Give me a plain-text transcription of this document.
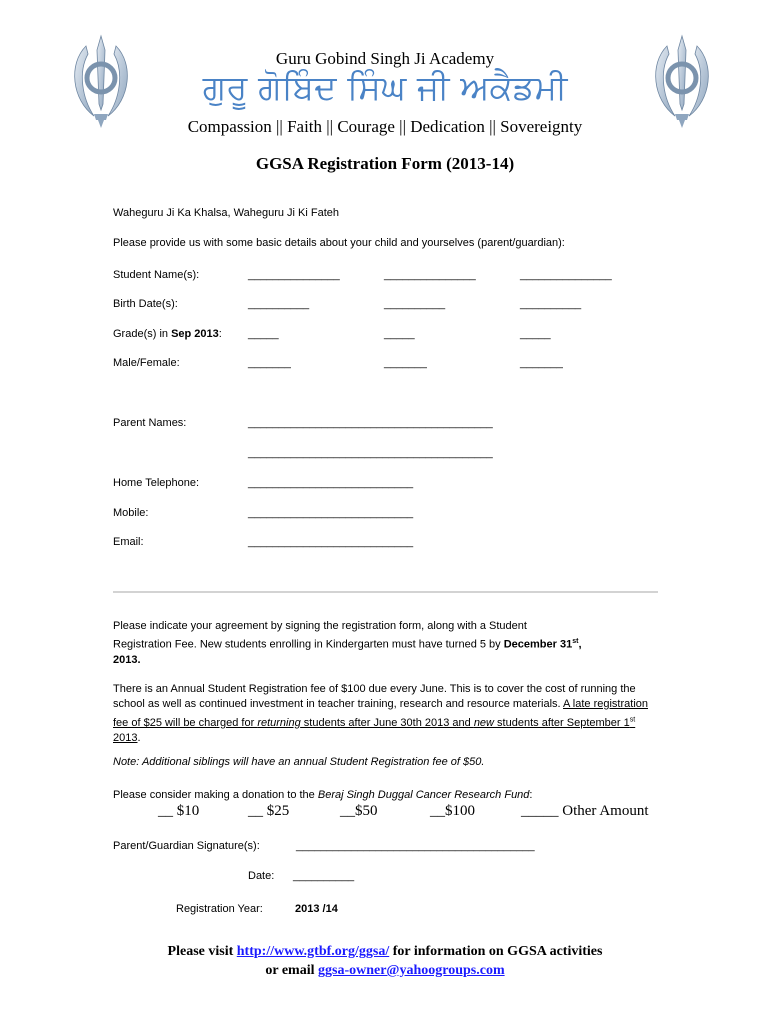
Guru Gobind Singh Ji Academy
ਗੁਰੂ ਗੋਬਿੰਦ ਸਿੰਘ ਜੀ ਅਕੈਡਮੀ
Compassion || Faith || Courage || Dedication || Sovereignty
GGSA Registration Form (2013-14)
Waheguru Ji Ka Khalsa, Waheguru Ji Ki Fateh
Please provide us with some basic details about your child and yourselves (parent/guardian):
Student Name(s):	_______________	_______________	_______________
Birth Date(s):	__________	__________	__________
Grade(s) in Sep 2013: _____	_____	_____
Male/Female:	_______	_______	_______
Parent Names:	________________________________________
________________________________________
Home Telephone:	___________________________
Mobile:	___________________________
Email:	___________________________
Please indicate your agreement by signing the registration form, along with a Student
Registration Fee. New students enrolling in Kindergarten must have turned 5 by December 31st,
2013.
There is an Annual Student Registration fee of $100 due every June. This is to cover the cost of running the school as well as continued investment in teacher training, research and resource materials. A late registration fee of $25 will be charged for returning students after June 30th 2013 and new students after September 1st 2013.
Note: Additional siblings will have an annual Student Registration fee of $50.
Please consider making a donation to the Beraj Singh Duggal Cancer Research Fund:
__ $10	__ $25	__$50	__$100	_____ Other Amount
Parent/Guardian Signature(s):	_______________________________________
Date: __________
Registration Year:	2013 /14
Please visit http://www.gtbf.org/ggsa/ for information on GGSA activities
or email ggsa-owner@yahoogroups.com
